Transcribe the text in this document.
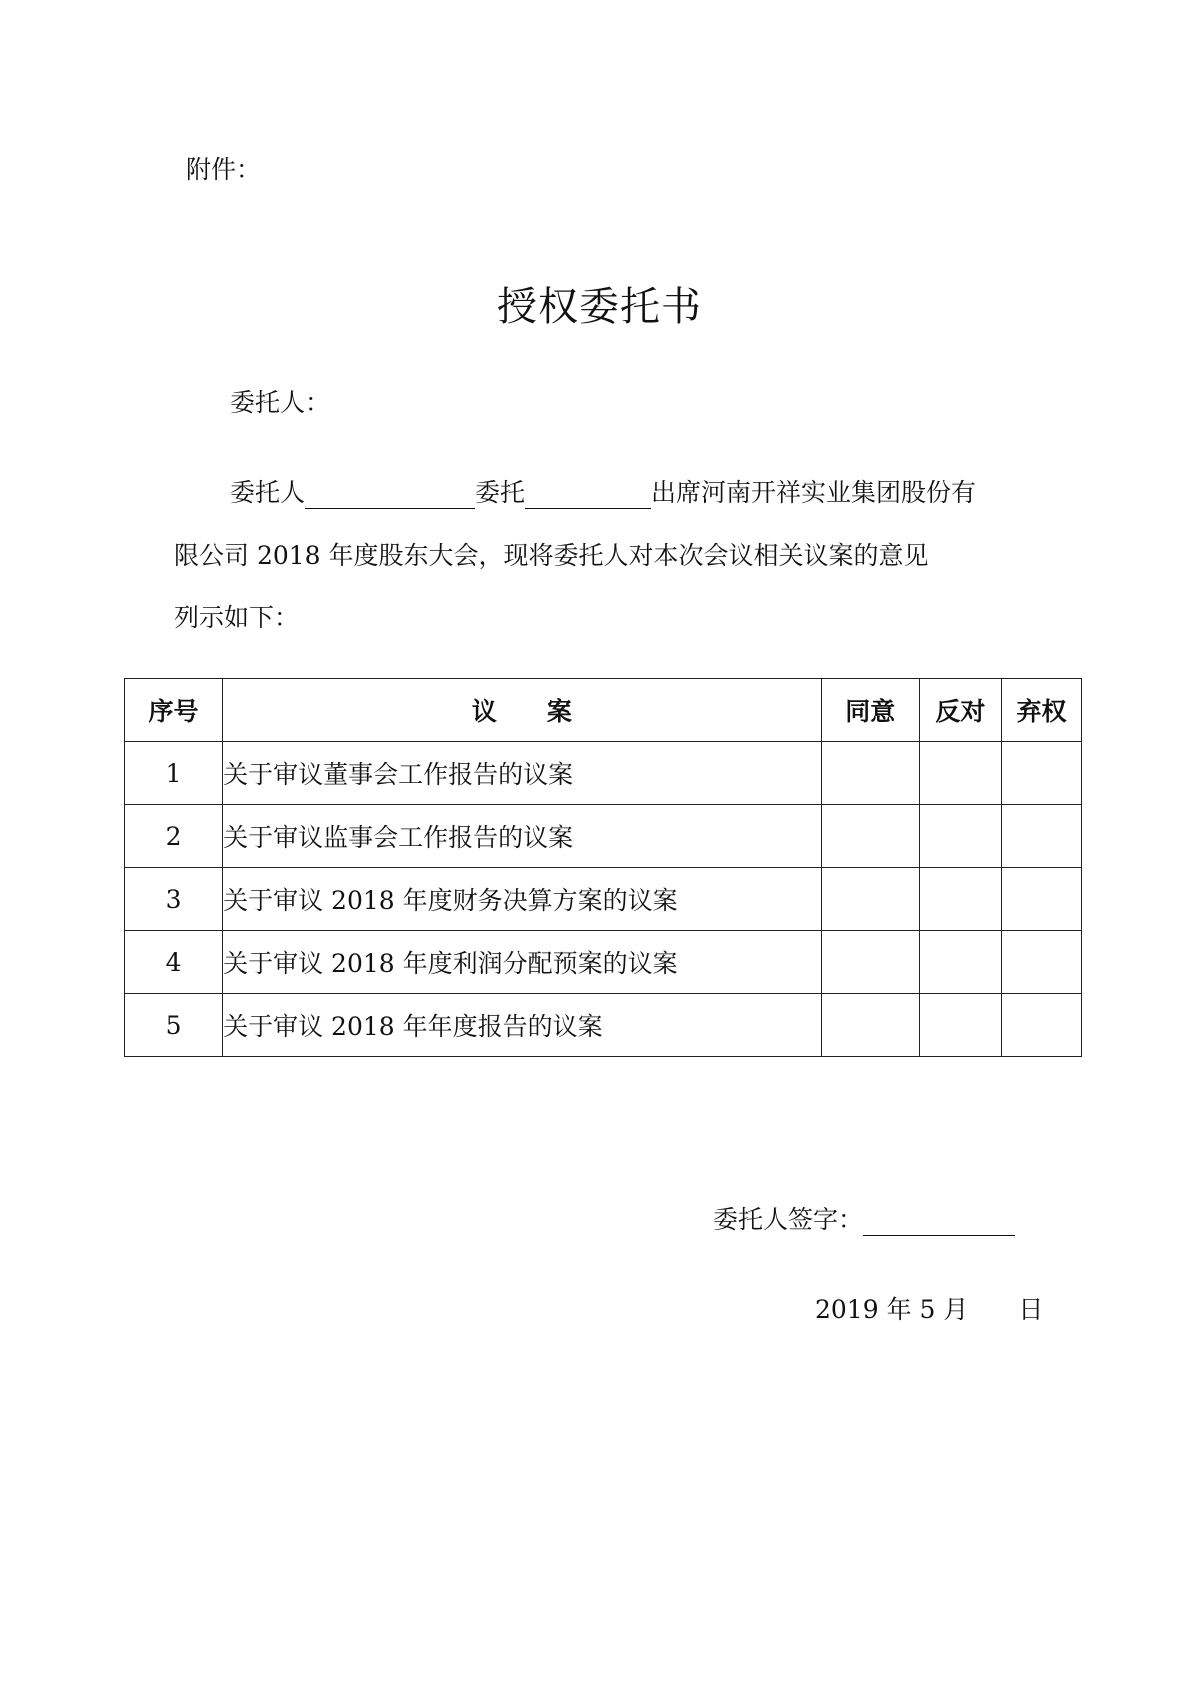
附件：
授权委托书
委托人：
委托人	委托	出席河南开祥实业集团股份有
限公司 2018 年度股东大会，现将委托人对本次会议相关议案的意见
列示如下：
序号	议　　案	同意	反对	弃权
1	关于审议董事会工作报告的议案			
2	关于审议监事会工作报告的议案			
3	关于审议 2018 年度财务决算方案的议案			
4	关于审议 2018 年度利润分配预案的议案			
5	关于审议 2018 年年度报告的议案			
委托人签字：
2019 年 5 月　　日
